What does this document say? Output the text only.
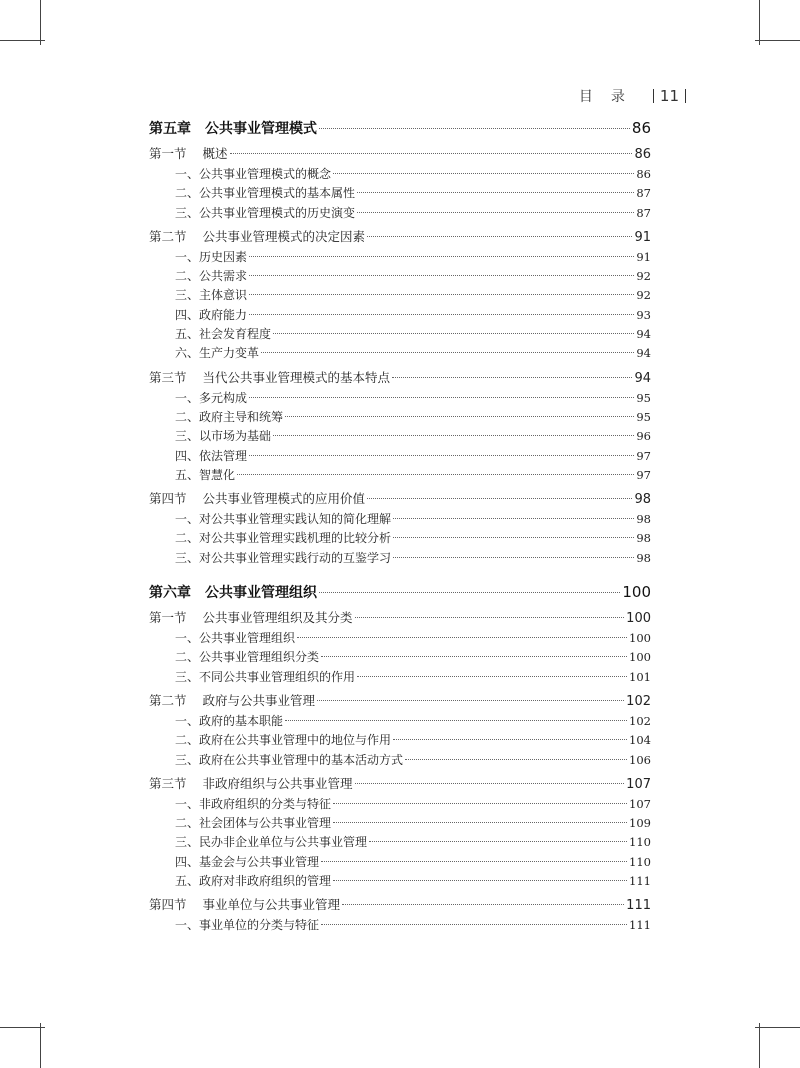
目录 11
第五章 公共事业管理模式	86
第一节 概述	86
一、公共事业管理模式的概念	86
二、公共事业管理模式的基本属性	87
三、公共事业管理模式的历史演变	87
第二节 公共事业管理模式的决定因素	91
一、历史因素	91
二、公共需求	92
三、主体意识	92
四、政府能力	93
五、社会发育程度	94
六、生产力变革	94
第三节 当代公共事业管理模式的基本特点	94
一、多元构成	95
二、政府主导和统筹	95
三、以市场为基础	96
四、依法管理	97
五、智慧化	97
第四节 公共事业管理模式的应用价值	98
一、对公共事业管理实践认知的简化理解	98
二、对公共事业管理实践机理的比较分析	98
三、对公共事业管理实践行动的互鉴学习	98
第六章 公共事业管理组织	100
第一节 公共事业管理组织及其分类	100
一、公共事业管理组织	100
二、公共事业管理组织分类	100
三、不同公共事业管理组织的作用	101
第二节 政府与公共事业管理	102
一、政府的基本职能	102
二、政府在公共事业管理中的地位与作用	104
三、政府在公共事业管理中的基本活动方式	106
第三节 非政府组织与公共事业管理	107
一、非政府组织的分类与特征	107
二、社会团体与公共事业管理	109
三、民办非企业单位与公共事业管理	110
四、基金会与公共事业管理	110
五、政府对非政府组织的管理	111
第四节 事业单位与公共事业管理	111
一、事业单位的分类与特征	111
